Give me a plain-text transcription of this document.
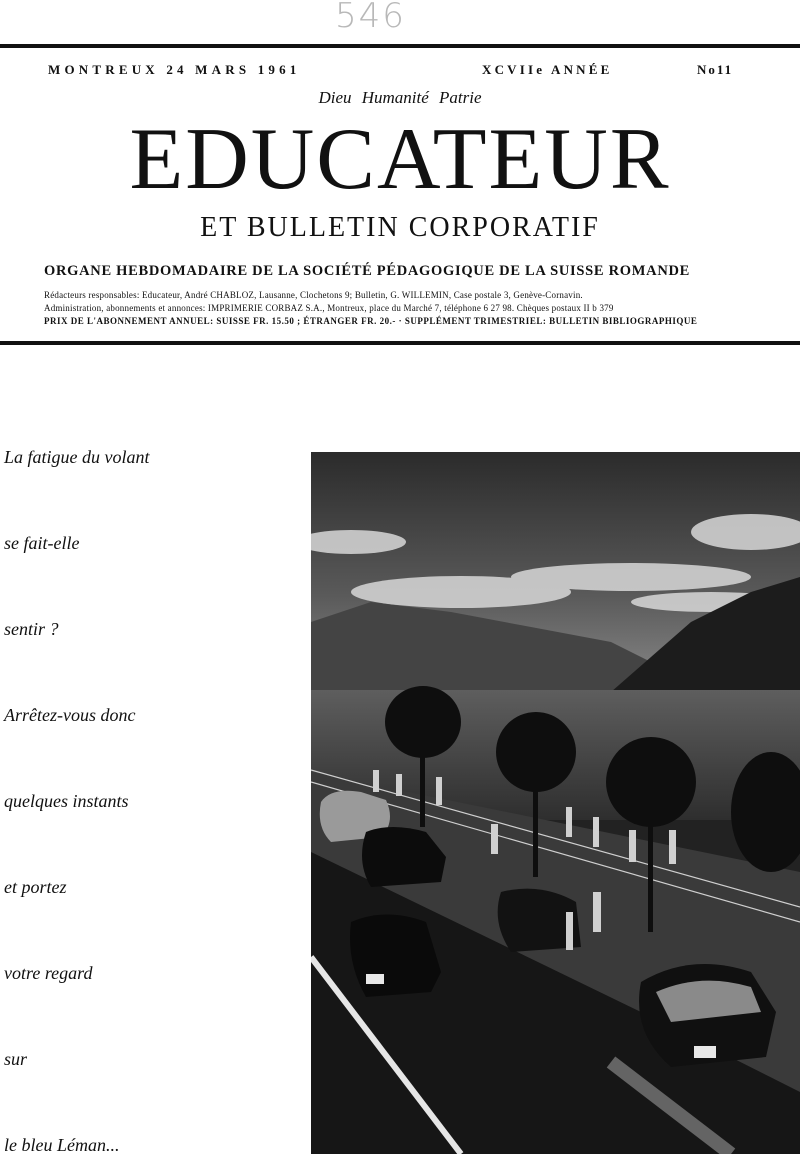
546
MONTREUX 24 MARS 1961	XCVIIe ANNÉE	No11
Dieu Humanité Patrie
EDUCATEUR
ET BULLETIN CORPORATIF
ORGANE HEBDOMADAIRE DE LA SOCIÉTÉ PÉDAGOGIQUE DE LA SUISSE ROMANDE
Rédacteurs responsables: Educateur, André CHABLOZ, Lausanne, Clochetons 9; Bulletin, G. WILLEMIN, Case postale 3, Genève-Cornavin.
Administration, abonnements et annonces: IMPRIMERIE CORBAZ S.A., Montreux, place du Marché 7, téléphone 6 27 98. Chèques postaux II b 379
PRIX DE L'ABONNEMENT ANNUEL: SUISSE FR. 15.50 ; ÉTRANGER FR. 20.- · SUPPLÉMENT TRIMESTRIEL: BULLETIN BIBLIOGRAPHIQUE
La fatigue du volant
se fait-elle
sentir ?
Arrêtez-vous donc
quelques instants
et portez
votre regard
sur
le bleu Léman...
